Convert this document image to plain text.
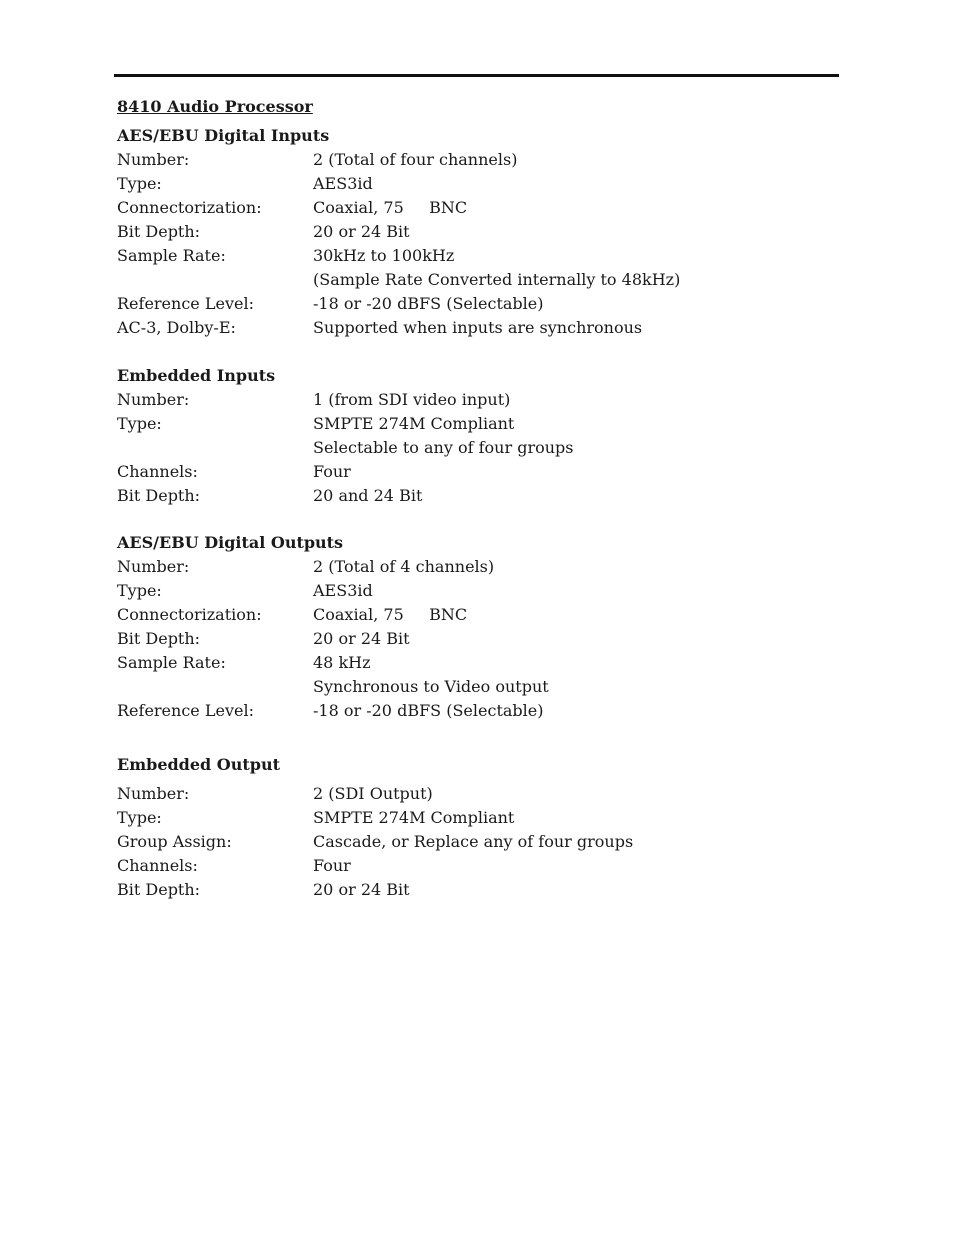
8410 Audio Processor
AES/EBU Digital Inputs
Number:	2 (Total of four channels)
Type:	AES3id
Connectorization:	Coaxial, 75     BNC
Bit Depth:	20 or 24 Bit
Sample Rate:	30kHz to 100kHz
(Sample Rate Converted internally to 48kHz)
Reference Level:	-18 or -20 dBFS (Selectable)
AC-3, Dolby-E:	Supported when inputs are synchronous
Embedded Inputs
Number:	1 (from SDI video input)
Type:	SMPTE 274M Compliant
Selectable to any of four groups
Channels:	Four
Bit Depth:	20 and 24 Bit
AES/EBU Digital Outputs
Number:	2 (Total of 4 channels)
Type:	AES3id
Connectorization:	Coaxial, 75     BNC
Bit Depth:	20 or 24 Bit
Sample Rate:	48 kHz
Synchronous to Video output
Reference Level:	-18 or -20 dBFS (Selectable)
Embedded Output
Number:	2 (SDI Output)
Type:	SMPTE 274M Compliant
Group Assign:	Cascade, or Replace any of four groups
Channels:	Four
Bit Depth:	20 or 24 Bit
